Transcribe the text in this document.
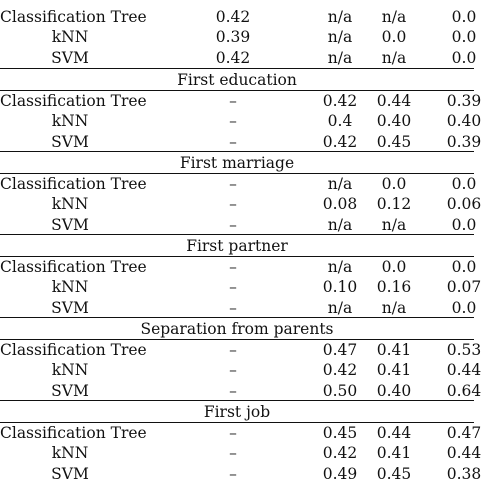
Classification Tree	0.42	n/a	n/a	0.0
kNN	0.39	n/a	0.0	0.0
SVM	0.42	n/a	n/a	0.0
First education
Classification Tree	–	0.42	0.44	0.39
kNN	–	0.4	0.40	0.40
SVM	–	0.42	0.45	0.39
First marriage
Classification Tree	–	n/a	0.0	0.0
kNN	–	0.08	0.12	0.06
SVM	–	n/a	n/a	0.0
First partner
Classification Tree	–	n/a	0.0	0.0
kNN	–	0.10	0.16	0.07
SVM	–	n/a	n/a	0.0
Separation from parents
Classification Tree	–	0.47	0.41	0.53
kNN	–	0.42	0.41	0.44
SVM	–	0.50	0.40	0.64
First job
Classification Tree	–	0.45	0.44	0.47
kNN	–	0.42	0.41	0.44
SVM	–	0.49	0.45	0.38
